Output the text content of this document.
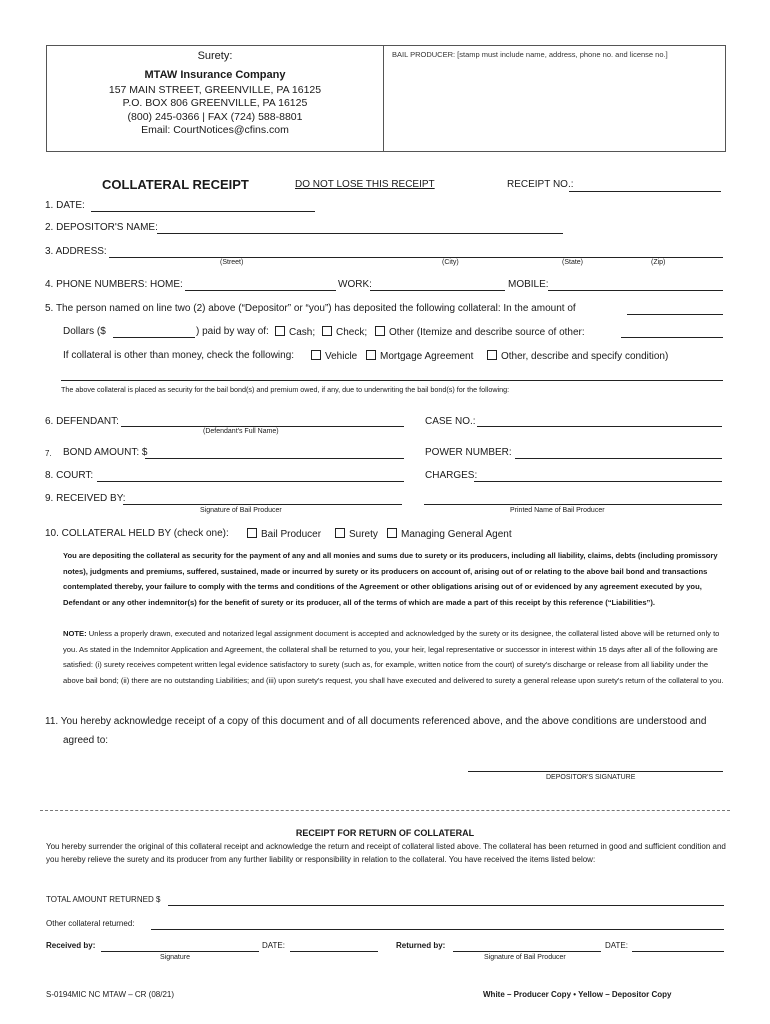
Surety:
MTAW Insurance Company
157 MAIN STREET, GREENVILLE, PA 16125
P.O. BOX 806 GREENVILLE, PA 16125
(800) 245-0366 | FAX (724) 588-8801
Email: CourtNotices@cfins.com
BAIL PRODUCER: [stamp must include name, address, phone no. and license no.]
COLLATERAL RECEIPT	DO NOT LOSE THIS RECEIPT	RECEIPT NO.:
1. DATE:
2. DEPOSITOR'S NAME:
3. ADDRESS:
(Street)	(City)	(State)	(Zip)
4. PHONE NUMBERS: HOME:	WORK:	MOBILE:
5. The person named on line two (2) above (“Depositor” or “you”) has deposited the following collateral: In the amount of
Dollars ($	) paid by way of:	Cash;	Check;	Other (Itemize and describe source of other:
If collateral is other than money, check the following:	Vehicle	Mortgage Agreement	Other, describe and specify condition)
The above collateral is placed as security for the bail bond(s) and premium owed, if any, due to underwriting the bail bond(s) for the following:
6. DEFENDANT:
(Defendant's Full Name)
CASE NO.:
7. BOND AMOUNT: $	POWER NUMBER:
8. COURT:	CHARGES:
9. RECEIVED BY:
Signature of Bail Producer	Printed Name of Bail Producer
10. COLLATERAL HELD BY (check one):	Bail Producer	Surety	Managing General Agent
You are depositing the collateral as security for the payment of any and all monies and sums due to surety or its producers, including all liability, claims, debts (including promissory notes), judgments and premiums, suffered, sustained, made or incurred by surety or its producers on account of, arising out of or relating to the above bail bond and transactions contemplated thereby, your failure to comply with the terms and conditions of the Agreement or other obligations arising out of or evidenced by any agreement executed by you, Defendant or any other indemnitor(s) for the benefit of surety or its producer, all of the terms of which are made a part of this receipt by this reference (“Liabilities”).
NOTE: Unless a properly drawn, executed and notarized legal assignment document is accepted and acknowledged by the surety or its designee, the collateral listed above will be returned only to you. As stated in the Indemnitor Application and Agreement, the collateral shall be returned to you, your heir, legal representative or successor in interest within 15 days after all of the following are satisfied: (i) surety receives competent written legal evidence satisfactory to surety (such as, for example, written notice from the court) of surety's discharge or release from all liability under the above bail bond; (ii) there are no outstanding Liabilities; and (iii) upon surety's request, you shall have executed and delivered to surety a general release upon surety's return of the collateral to you.
11. You hereby acknowledge receipt of a copy of this document and of all documents referenced above, and the above conditions are understood and
agreed to:
DEPOSITOR'S SIGNATURE
RECEIPT FOR RETURN OF COLLATERAL
You hereby surrender the original of this collateral receipt and acknowledge the return and receipt of collateral listed above. The collateral has been returned in good and sufficient condition and you hereby relieve the surety and its producer from any further liability or responsibility in relation to the collateral. You have received the items listed below:
TOTAL AMOUNT RETURNED $
Other collateral returned:
Received by:	DATE:
Signature
Returned by:	DATE:
Signature of Bail Producer
S-0194MIC NC MTAW – CR (08/21)	White – Producer Copy • Yellow – Depositor Copy
